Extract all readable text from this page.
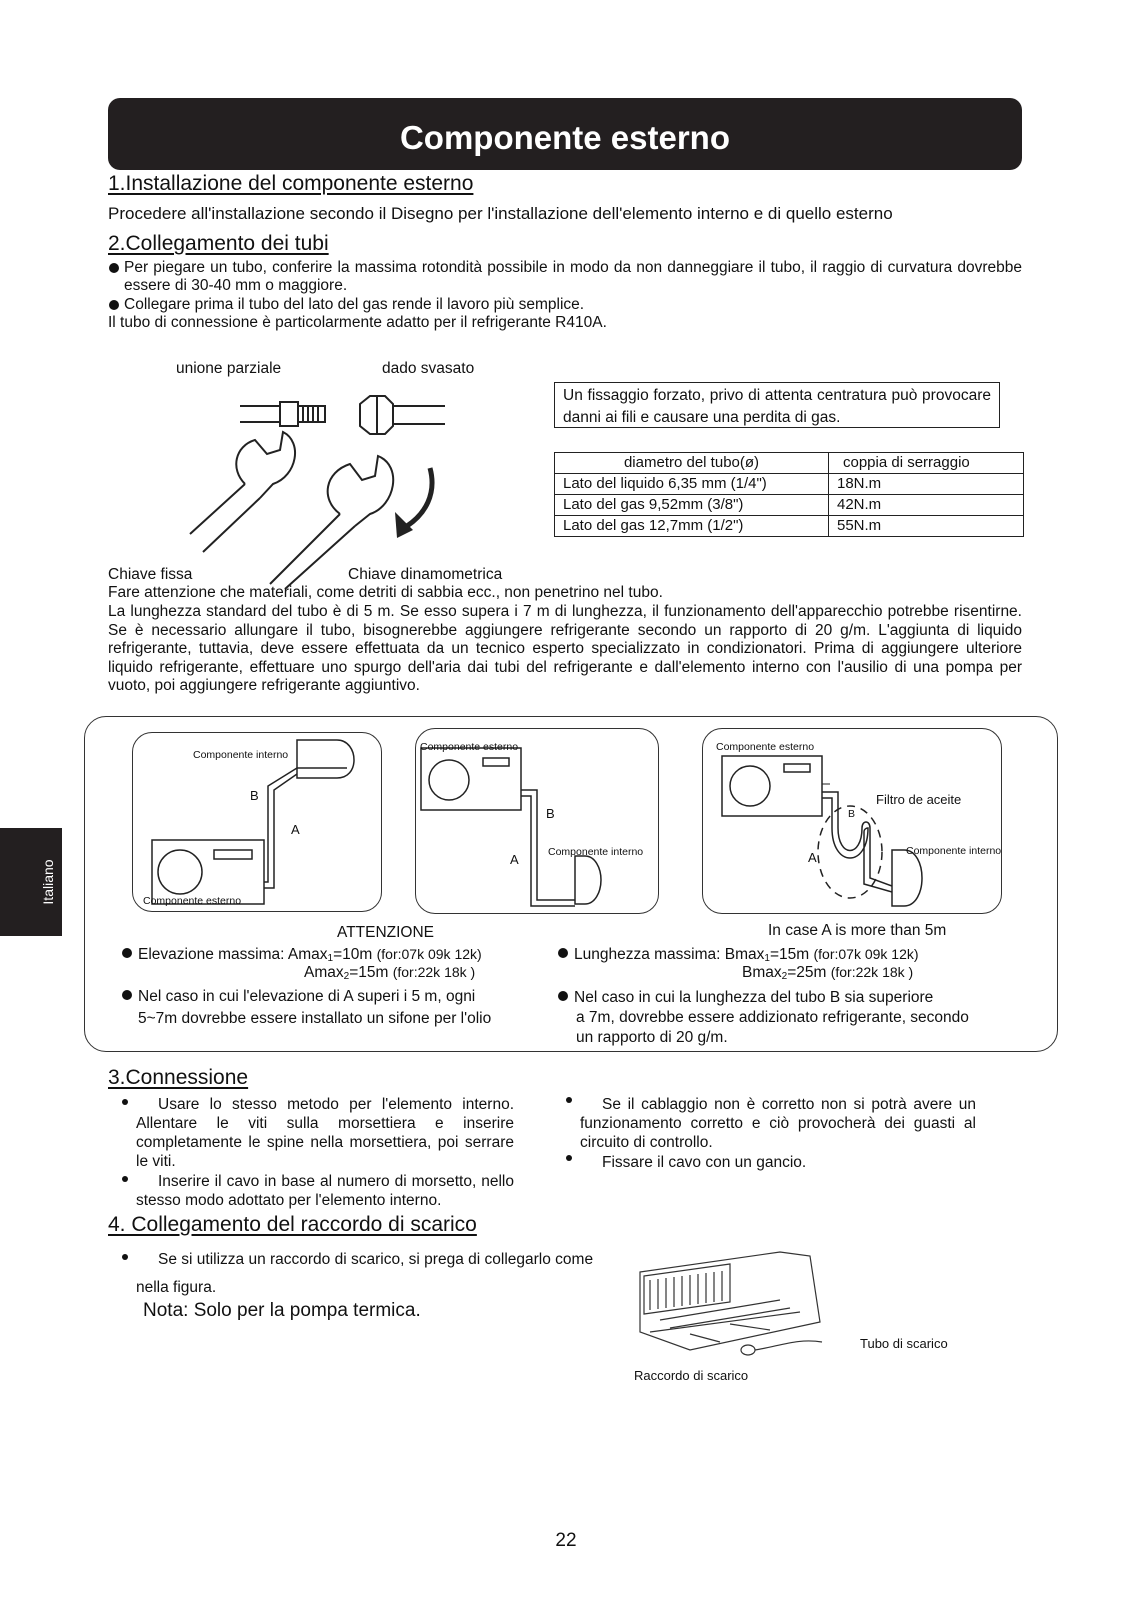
Componente esterno
Italiano
1.Installazione del componente esterno
Procedere all'installazione secondo il Disegno per l'installazione dell'elemento interno e di quello esterno
2.Collegamento dei tubi
Per piegare un tubo, conferire la massima rotondità possibile in modo da non danneggiare il tubo, il raggio di curvatura dovrebbe essere di 30-40 mm o maggiore.
Collegare prima il tubo del lato del gas rende il lavoro più semplice.
Il tubo di connessione è particolarmente adatto per il refrigerante R410A.
unione parziale	dado svasato
Un fissaggio forzato, privo di attenta centratura può provocare danni ai fili e causare una perdita di gas.
diametro del tubo(ø)	coppia di serraggio
Lato del liquido 6,35 mm (1/4")	18N.m
Lato del gas 9,52mm (3/8")	42N.m
Lato del gas 12,7mm (1/2")	55N.m
Chiave fissa	Chiave dinamometrica
Fare attenzione che materiali, come detriti di sabbia ecc., non penetrino nel tubo.
La lunghezza standard del tubo è di 5 m. Se esso supera i 7 m di lunghezza, il funzionamento dell'apparecchio potrebbe risentirne. Se è necessario allungare il tubo, bisognerebbe aggiungere refrigerante secondo un rapporto di 20 g/m. L'aggiunta di liquido refrigerante, tuttavia, deve essere effettuata da un tecnico esperto specializzato in condizionatori. Prima di aggiungere ulteriore liquido refrigerante, effettuare uno spurgo dell'aria dai tubi del refrigerante e dall'elemento interno con l'ausilio di una pompa per vuoto, poi aggiungere refrigerante aggiuntivo.
Componente interno
B
A
Componente esterno
Componente esterno
B
Componente interno
A
Componente esterno
Filtro de aceite
B
Componente interno
A
ATTENZIONE	In case A is more than 5m
Elevazione massima: Amax$_1$=10m (for:07k 09k 12k)
Amax$_2$=15m (for:22k 18k )
Nel caso in cui l'elevazione di A superi i 5 m, ogni
5~7m dovrebbe essere installato un sifone per l'olio
Lunghezza massima: Bmax$_1$=15m (for:07k 09k 12k)
Bmax$_2$=25m (for:22k 18k )
Nel caso in cui la lunghezza del tubo B sia superiore
a 7m, dovrebbe essere addizionato refrigerante, secondo
un rapporto di 20 g/m.
3.Connessione
Usare lo stesso metodo per l'elemento interno. Allentare le viti sulla morsettiera e inserire completamente le spine nella morsettiera, poi serrare le viti.
Inserire il cavo in base al numero di morsetto, nello stesso modo adottato per l'elemento interno.
Se il cablaggio non è corretto non si potrà avere un funzionamento corretto e ciò provocherà dei guasti al circuito di controllo.
Fissare il cavo con un gancio.
4. Collegamento del raccordo di scarico
Se si utilizza un raccordo di scarico, si prega di collegarlo come nella figura.
Nota: Solo per la pompa termica.
Tubo di scarico
Raccordo di scarico
22
